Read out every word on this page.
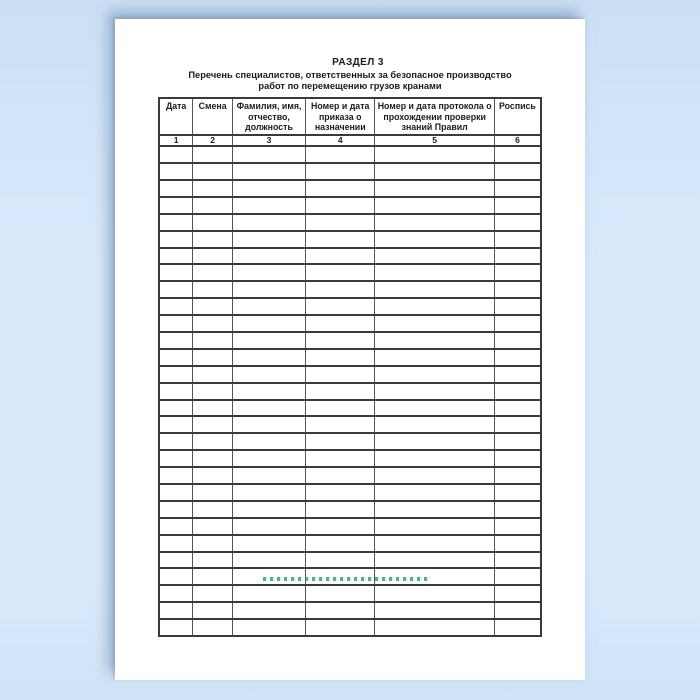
РАЗДЕЛ 3
Перечень специалистов, ответственных за безопасное производство
работ по перемещению грузов кранами
Дата	Смена	Фамилия, имя, отчество, должность	Номер и дата приказа о назначении	Номер и дата протокола о прохождении проверки знаний Правил	Роспись
1	2	3	4	5	6
